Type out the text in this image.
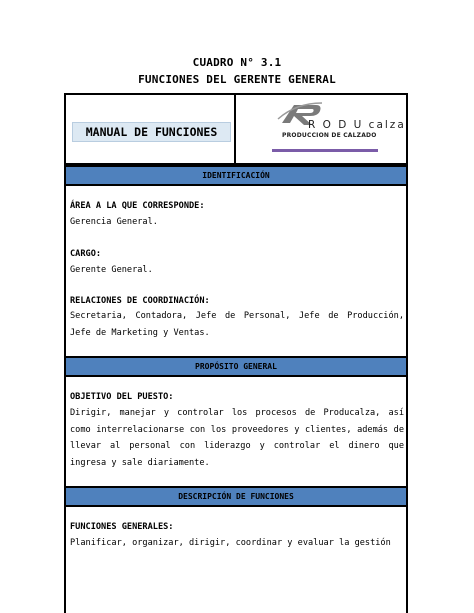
CUADRO N° 3.1
FUNCIONES DEL GERENTE GENERAL
MANUAL DE FUNCIONES	R O D U calza
PRODUCCION DE CALZADO
IDENTIFICACIÓN
ÁREA A LA QUE CORRESPONDE:
Gerencia General.
CARGO:
Gerente General.
RELACIONES DE COORDINACIÓN:
Secretaria, Contadora, Jefe de Personal, Jefe de Producción, Jefe de Marketing y Ventas.
PROPÓSITO GENERAL
OBJETIVO DEL PUESTO:
Dirigir, manejar y controlar los procesos de Producalza, así como interrelacionarse con los proveedores y clientes, además de llevar al personal con liderazgo y controlar el dinero que ingresa y sale diariamente.
DESCRIPCIÓN DE FUNCIONES
FUNCIONES GENERALES:
Planificar, organizar, dirigir, coordinar y evaluar la gestión
